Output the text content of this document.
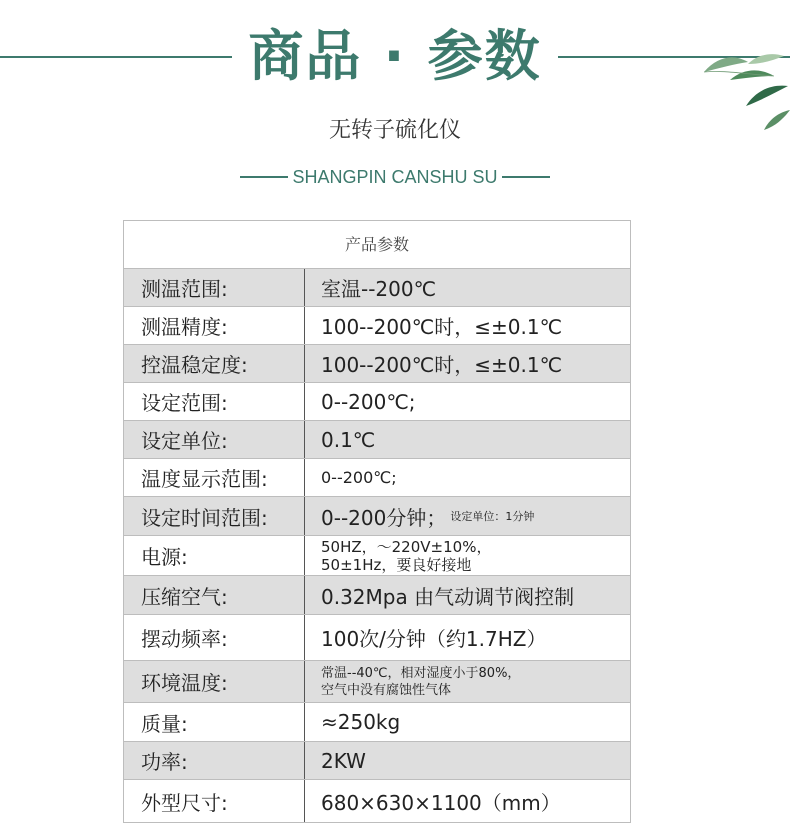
商品 · 参数
无转子硫化仪
SHANGPIN CANSHU SU
产品参数
测温范围:	室温--200℃
测温精度:	100--200℃时，≤±0.1℃
控温稳定度:	100--200℃时，≤±0.1℃
设定范围:	0--200℃;
设定单位:	0.1℃
温度显示范围:	0--200℃;
设定时间范围:	0--200分钟； 设定单位：1分钟
电源:	50HZ，～220V±10%，
50±1Hz，要良好接地
压缩空气:	0.32Mpa 由气动调节阀控制
摆动频率:	100次/分钟（约1.7HZ）
环境温度:	常温--40℃，相对湿度小于80%，
空气中没有腐蚀性气体
质量:	≈250kg
功率:	2KW
外型尺寸:	680×630×1100（mm）
